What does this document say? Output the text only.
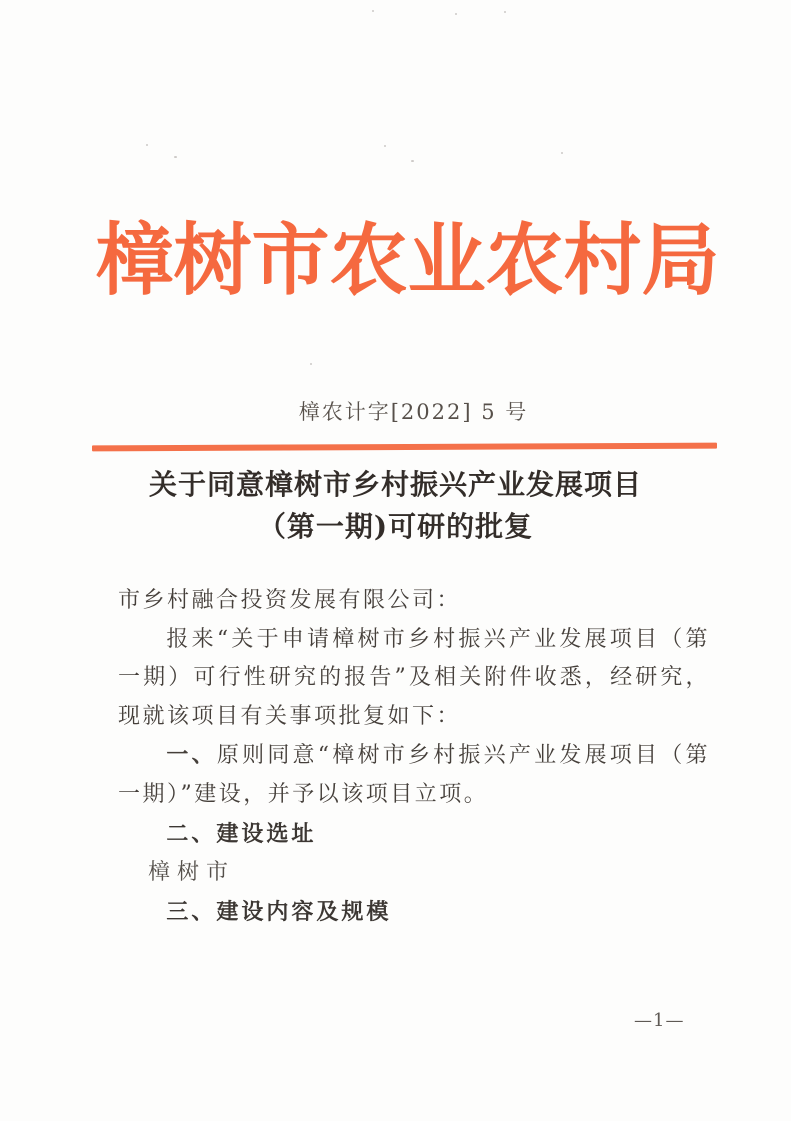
樟树市农业农村局
樟农计字[2022] 5 号
关于同意樟树市乡村振兴产业发展项目
（第一期)可研的批复

市乡村融合投资发展有限公司：

报来“关于申请樟树市乡村振兴产业发展项目（第一期）可行性研究的报告”及相关附件收悉，经研究，现就该项目有关事项批复如下：

一、原则同意“樟树市乡村振兴产业发展项目（第一期）”建设，并予以该项目立项。

二、建设选址

樟树市

三、建设内容及规模

—1—
